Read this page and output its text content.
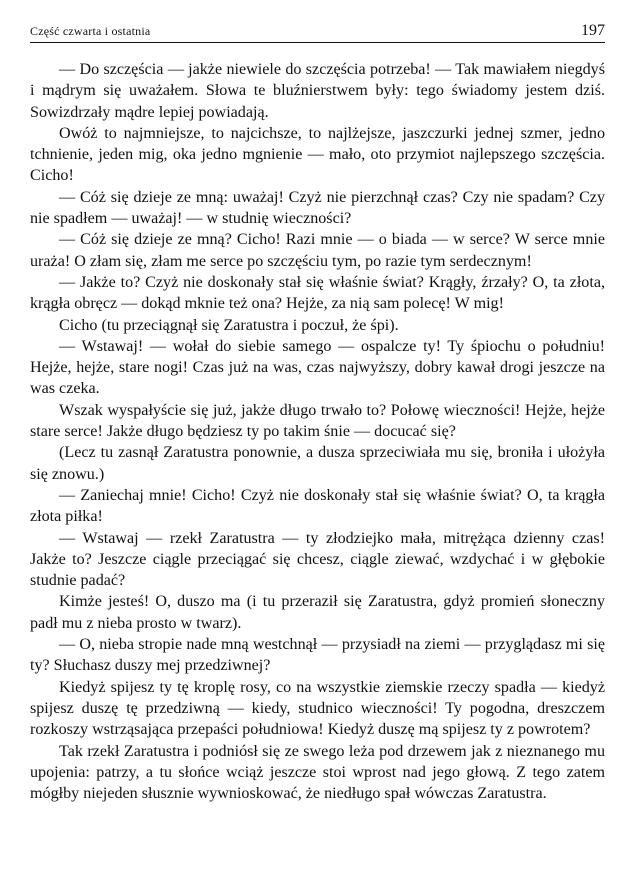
Część czwarta i ostatnia	197

— Do szczęścia — jakże niewiele do szczęścia potrzeba! — Tak mawiałem niegdyś i mądrym się uważałem. Słowa te bluźnierstwem były: tego świadomy jestem dziś. Sowizdrzały mądre lepiej powiadają.

Owóż to najmniejsze, to najcichsze, to najlżejsze, jaszczurki jednej szmer, jedno tchnienie, jeden mig, oka jedno mgnienie — mało, oto przymiot najlepszego szczęścia. Cicho!

— Cóż się dzieje ze mną: uważaj! Czyż nie pierzchnął czas? Czy nie spadam? Czy nie spadłem — uważaj! — w studnię wieczności?

— Cóż się dzieje ze mną? Cicho! Razi mnie — o biada — w serce? W serce mnie uraża! O złam się, złam me serce po szczęściu tym, po razie tym serdecznym!

— Jakże to? Czyż nie doskonały stał się właśnie świat? Krągły, źrzały? O, ta złota, krągła obręcz — dokąd mknie też ona? Hejże, za nią sam polecę! W mig!

Cicho (tu przeciągnął się Zaratustra i poczuł, że śpi).

— Wstawaj! — wołał do siebie samego — ospalcze ty! Ty śpiochu o południu! Hejże, hejże, stare nogi! Czas już na was, czas najwyższy, dobry kawał drogi jeszcze na was czeka.

Wszak wyspałyście się już, jakże długo trwało to? Połowę wieczności! Hejże, hejże stare serce! Jakże długo będziesz ty po takim śnie — docucać się?

(Lecz tu zasnął Zaratustra ponownie, a dusza sprzeciwiała mu się, broniła i ułożyła się znowu.)

— Zaniechaj mnie! Cicho! Czyż nie doskonały stał się właśnie świat? O, ta krągła złota piłka!

— Wstawaj — rzekł Zaratustra — ty złodziejko mała, mitrężąca dzienny czas! Jakże to? Jeszcze ciągle przeciągać się chcesz, ciągle ziewać, wzdychać i w głębokie studnie padać?

Kimże jesteś! O, duszo ma (i tu przeraził się Zaratustra, gdyż promień słoneczny padł mu z nieba prosto w twarz).

— O, nieba stropie nade mną westchnął — przysiadł na ziemi — przyglądasz mi się ty? Słuchasz duszy mej przedziwnej?

Kiedyż spijesz ty tę kroplę rosy, co na wszystkie ziemskie rzeczy spadła — kiedyż spijesz duszę tę przedziwną — kiedy, studnico wieczności! Ty pogodna, dreszczem rozkoszy wstrząsająca przepaści południowa! Kiedyż duszę mą spijesz ty z powrotem?

Tak rzekł Zaratustra i podniósł się ze swego leża pod drzewem jak z nieznanego mu upojenia: patrzy, a tu słońce wciąż jeszcze stoi wprost nad jego głową. Z tego zatem mógłby niejeden słusznie wywnioskować, że niedługo spał wówczas Zaratustra.
